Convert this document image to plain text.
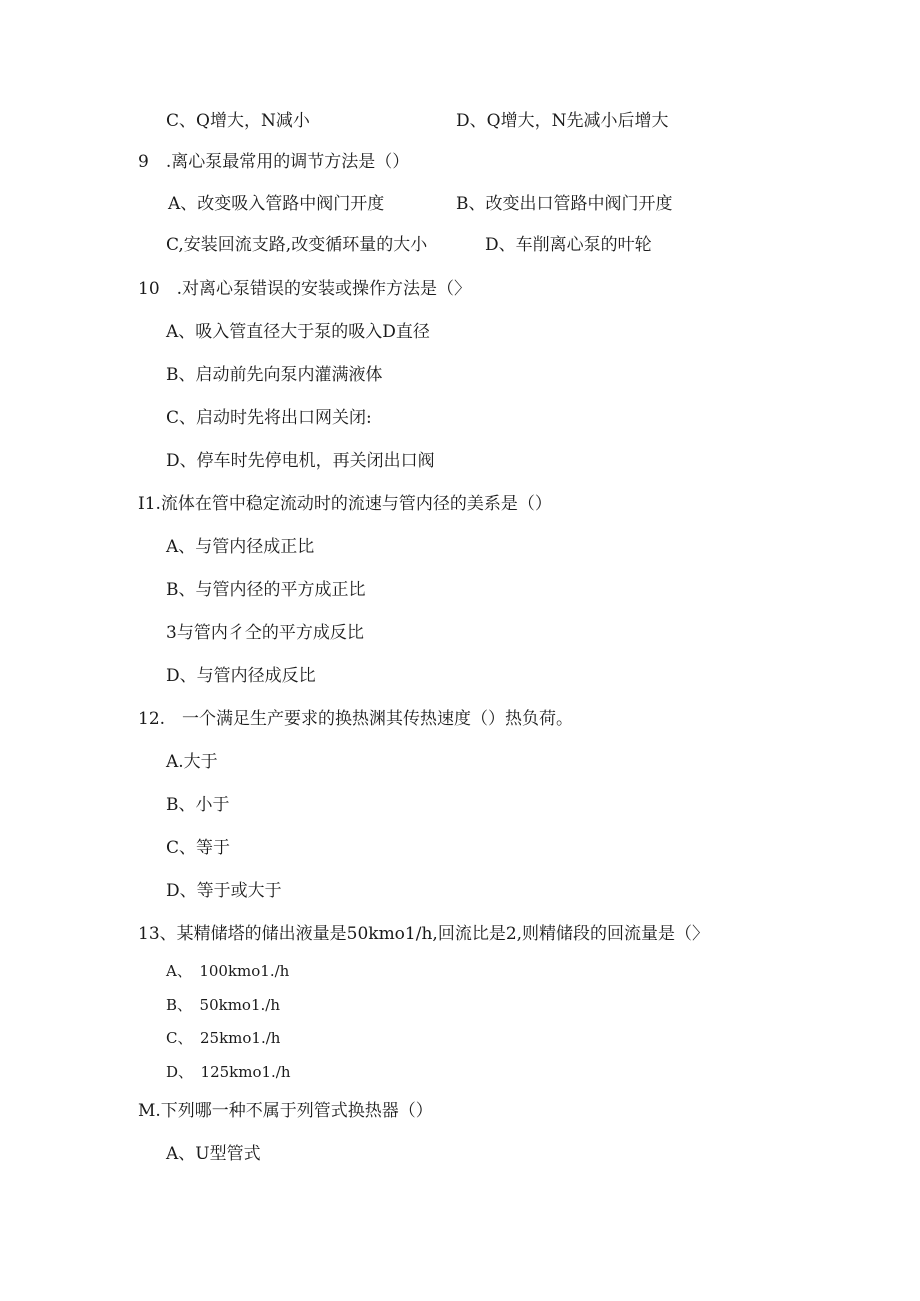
C、Q增大，N减小	D、Q增大，N先减小后增大
9　.离心泵最常用的调节方法是（）
A、改变吸入管路中阀门开度	B、改变出口管路中阀门开度
C,安装回流支路,改变循环量的大小	D、车削离心泵的叶轮
10　.对离心泵错误的安装或操作方法是（〉
A、吸入管直径大于泵的吸入D直径
B、启动前先向泵内灌满液体
C、启动时先将出口网关闭:
D、停车时先停电机，再关闭出口阀
I1.流体在管中稳定流动时的流速与管内径的美系是（）
A、与管内径成正比
B、与管内径的平方成正比
3与管内彳仝的平方成反比
D、与管内径成反比
12.　一个满足生产要求的换热渊其传热速度（）热负荷。
A.大于
B、小于
C、等于
D、等于或大于
13、某精储塔的储出液量是50kmo1∕h,回流比是2,则精储段的回流量是（〉
A、　100kmo1./h
B、　50kmo1./h
C、　25kmo1./h
D、　125kmo1./h
M.下列哪一种不属于列管式换热器（）
A、U型管式
